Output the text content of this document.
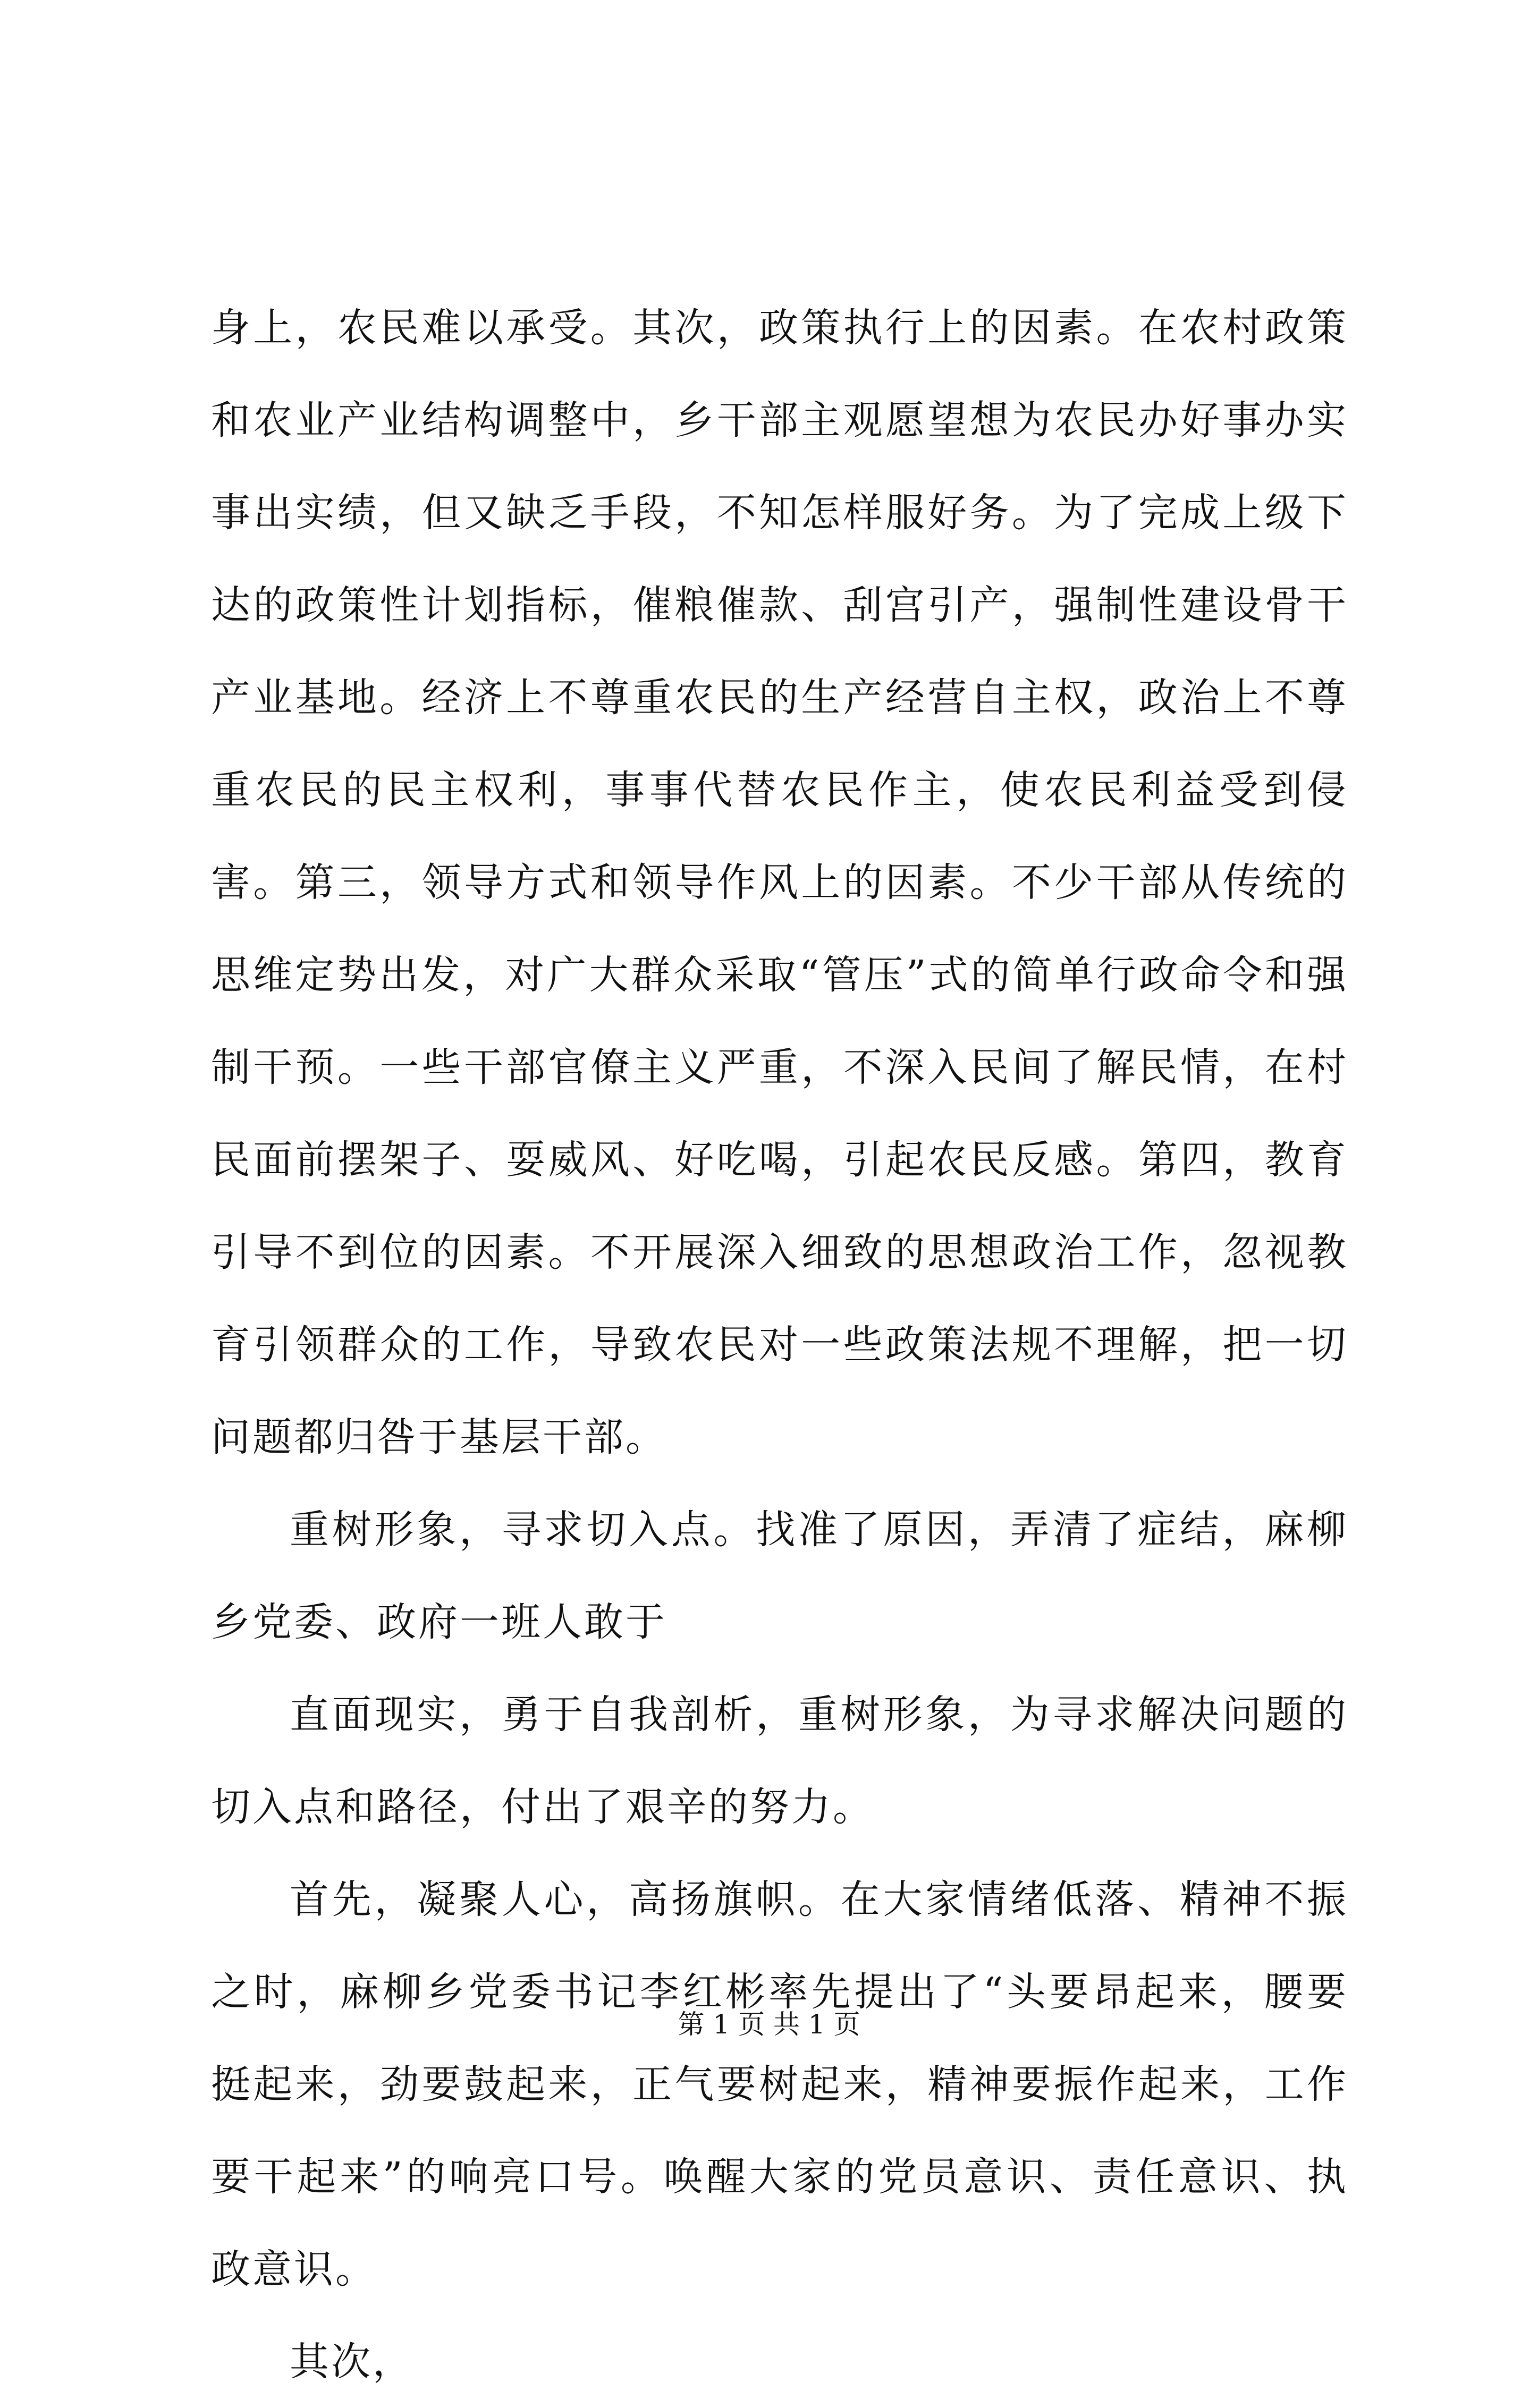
身上，农民难以承受。其次，政策执行上的因素。在农村政策和农业产业结构调整中，乡干部主观愿望想为农民办好事办实事出实绩，但又缺乏手段，不知怎样服好务。为了完成上级下达的政策性计划指标，催粮催款、刮宫引产，强制性建设骨干产业基地。经济上不尊重农民的生产经营自主权，政治上不尊重农民的民主权利，事事代替农民作主，使农民利益受到侵害。第三，领导方式和领导作风上的因素。不少干部从传统的思维定势出发，对广大群众采取“管压”式的简单行政命令和强制干预。一些干部官僚主义严重，不深入民间了解民情，在村民面前摆架子、耍威风、好吃喝，引起农民反感。第四，教育引导不到位的因素。不开展深入细致的思想政治工作，忽视教育引领群众的工作，导致农民对一些政策法规不理解，把一切问题都归咎于基层干部。

重树形象，寻求切入点。找准了原因，弄清了症结，麻柳乡党委、政府一班人敢于

直面现实，勇于自我剖析，重树形象，为寻求解决问题的切入点和路径，付出了艰辛的努力。

首先，凝聚人心，高扬旗帜。在大家情绪低落、精神不振之时，麻柳乡党委书记李红彬率先提出了“头要昂起来，腰要挺起来，劲要鼓起来，正气要树起来，精神要振作起来，工作要干起来”的响亮口号。唤醒大家的党员意识、责任意识、执政意识。

其次，

第 1 页 共 1 页
